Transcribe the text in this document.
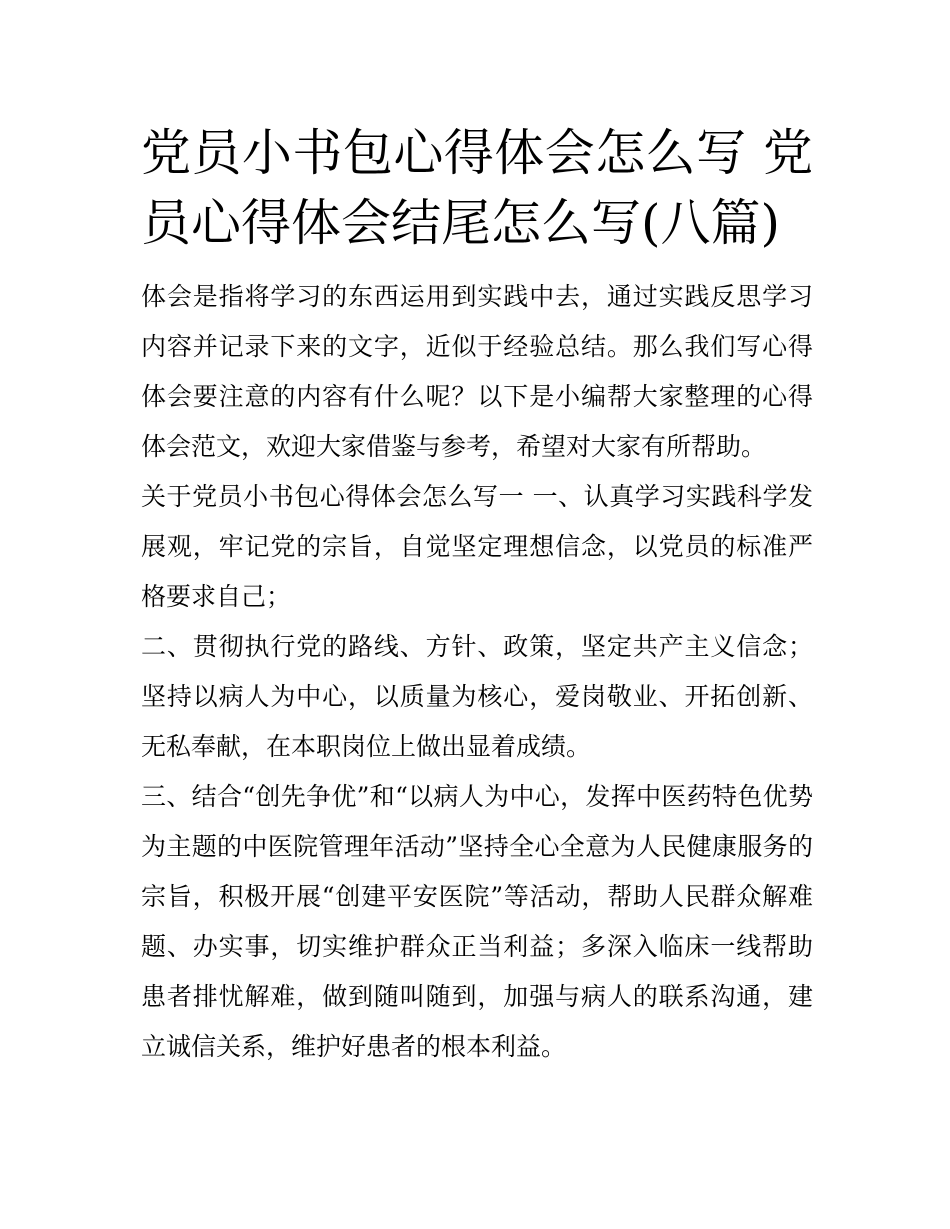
党员小书包心得体会怎么写 党员心得体会结尾怎么写(八篇)

体会是指将学习的东西运用到实践中去，通过实践反思学习内容并记录下来的文字，近似于经验总结。那么我们写心得体会要注意的内容有什么呢？以下是小编帮大家整理的心得体会范文，欢迎大家借鉴与参考，希望对大家有所帮助。

关于党员小书包心得体会怎么写一 一、认真学习实践科学发展观，牢记党的宗旨，自觉坚定理想信念，以党员的标准严格要求自己；

二、贯彻执行党的路线、方针、政策，坚定共产主义信念；坚持以病人为中心，以质量为核心，爱岗敬业、开拓创新、无私奉献，在本职岗位上做出显着成绩。

三、结合“创先争优”和“以病人为中心，发挥中医药特色优势为主题的中医院管理年活动”坚持全心全意为人民健康服务的宗旨，积极开展“创建平安医院”等活动，帮助人民群众解难题、办实事，切实维护群众正当利益；多深入临床一线帮助患者排忧解难，做到随叫随到，加强与病人的联系沟通，建立诚信关系，维护好患者的根本利益。
